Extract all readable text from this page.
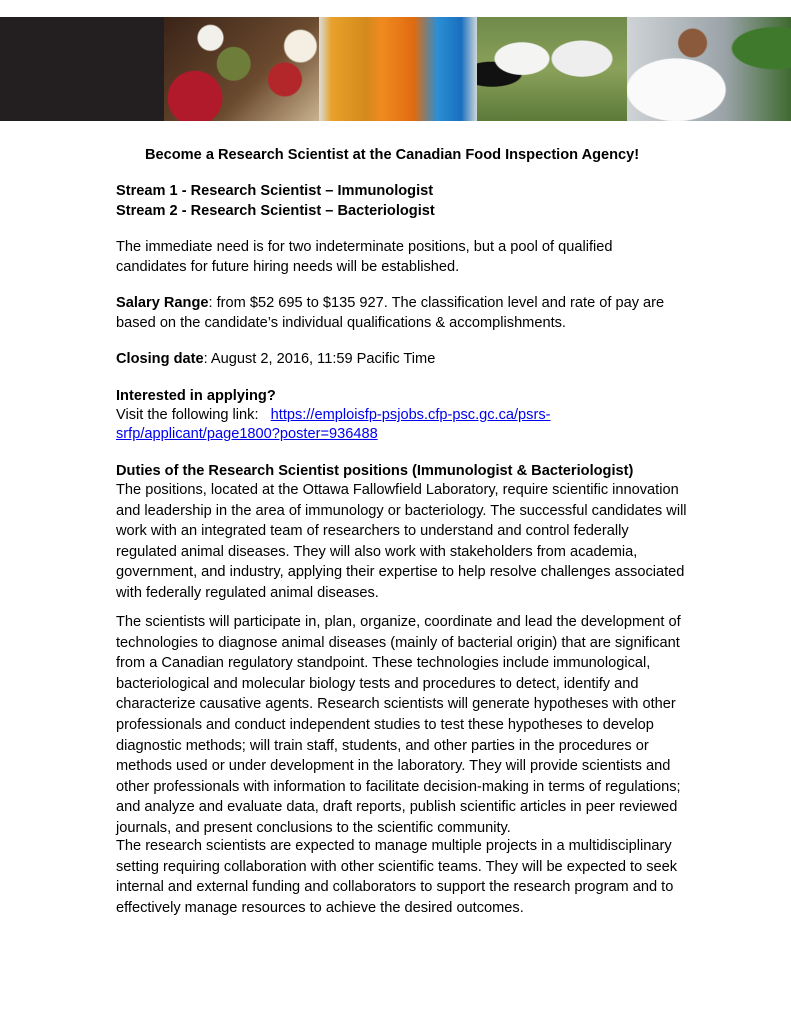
Become a Research Scientist at the Canadian Food Inspection Agency!
Stream 1 - Research Scientist – Immunologist
Stream 2 - Research Scientist – Bacteriologist
The immediate need is for two indeterminate positions, but a pool of qualified
candidates for future hiring needs will be established.
Salary Range: from $52 695 to $135 927. The classification level and rate of pay are
based on the candidate’s individual qualifications & accomplishments.
Closing date: August 2, 2016, 11:59 Pacific Time
Interested in applying?
Visit the following link: https://emploisfp-psjobs.cfp-psc.gc.ca/psrs-
srfp/applicant/page1800?poster=936488
Duties of the Research Scientist positions (Immunologist & Bacteriologist)
The positions, located at the Ottawa Fallowfield Laboratory, require scientific innovation
and leadership in the area of immunology or bacteriology. The successful candidates will
work with an integrated team of researchers to understand and control federally
regulated animal diseases. They will also work with stakeholders from academia,
government, and industry, applying their expertise to help resolve challenges associated
with federally regulated animal diseases.
The scientists will participate in, plan, organize, coordinate and lead the development of
technologies to diagnose animal diseases (mainly of bacterial origin) that are significant
from a Canadian regulatory standpoint. These technologies include immunological,
bacteriological and molecular biology tests and procedures to detect, identify and
characterize causative agents. Research scientists will generate hypotheses with other
professionals and conduct independent studies to test these hypotheses to develop
diagnostic methods; will train staff, students, and other parties in the procedures or
methods used or under development in the laboratory. They will provide scientists and
other professionals with information to facilitate decision-making in terms of regulations;
and analyze and evaluate data, draft reports, publish scientific articles in peer reviewed
journals, and present conclusions to the scientific community.
The research scientists are expected to manage multiple projects in a multidisciplinary
setting requiring collaboration with other scientific teams. They will be expected to seek
internal and external funding and collaborators to support the research program and to
effectively manage resources to achieve the desired outcomes.
